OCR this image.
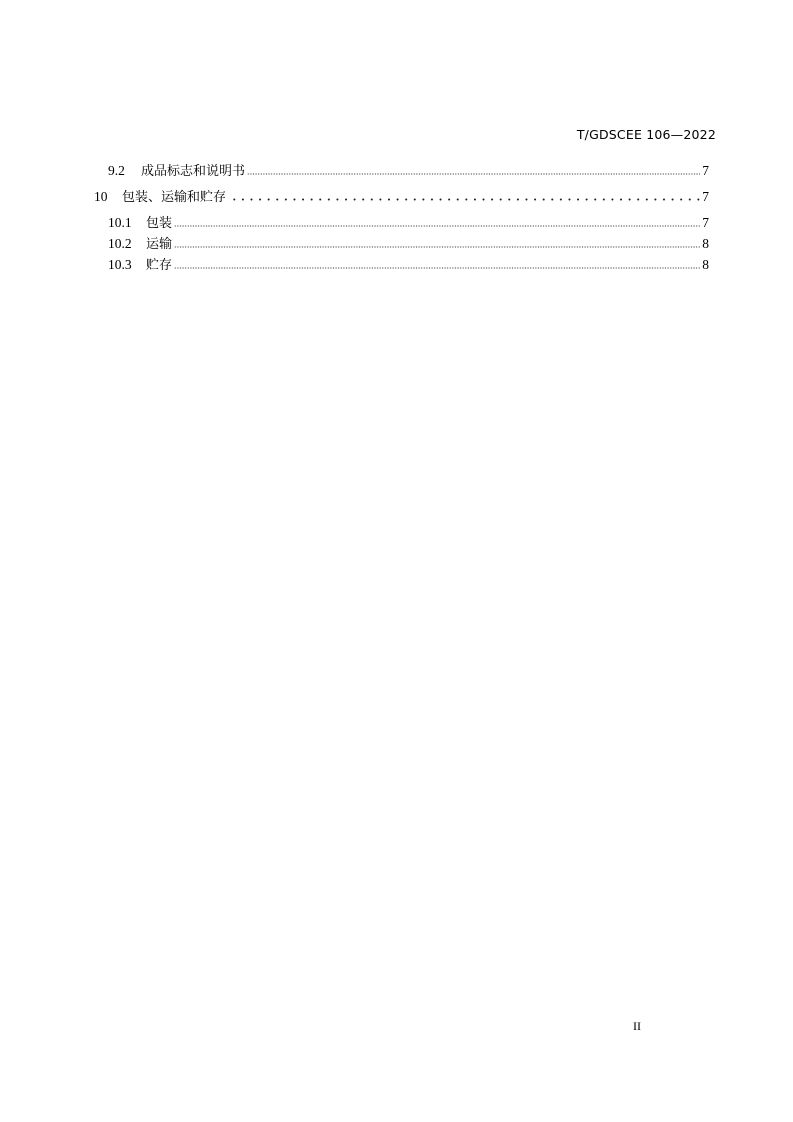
T/GDSCEE 106—2022
9.2	成品标志和说明书	7
10	包装、运输和贮存	7
10.1	包装	7
10.2	运输	8
10.3	贮存	8
II
